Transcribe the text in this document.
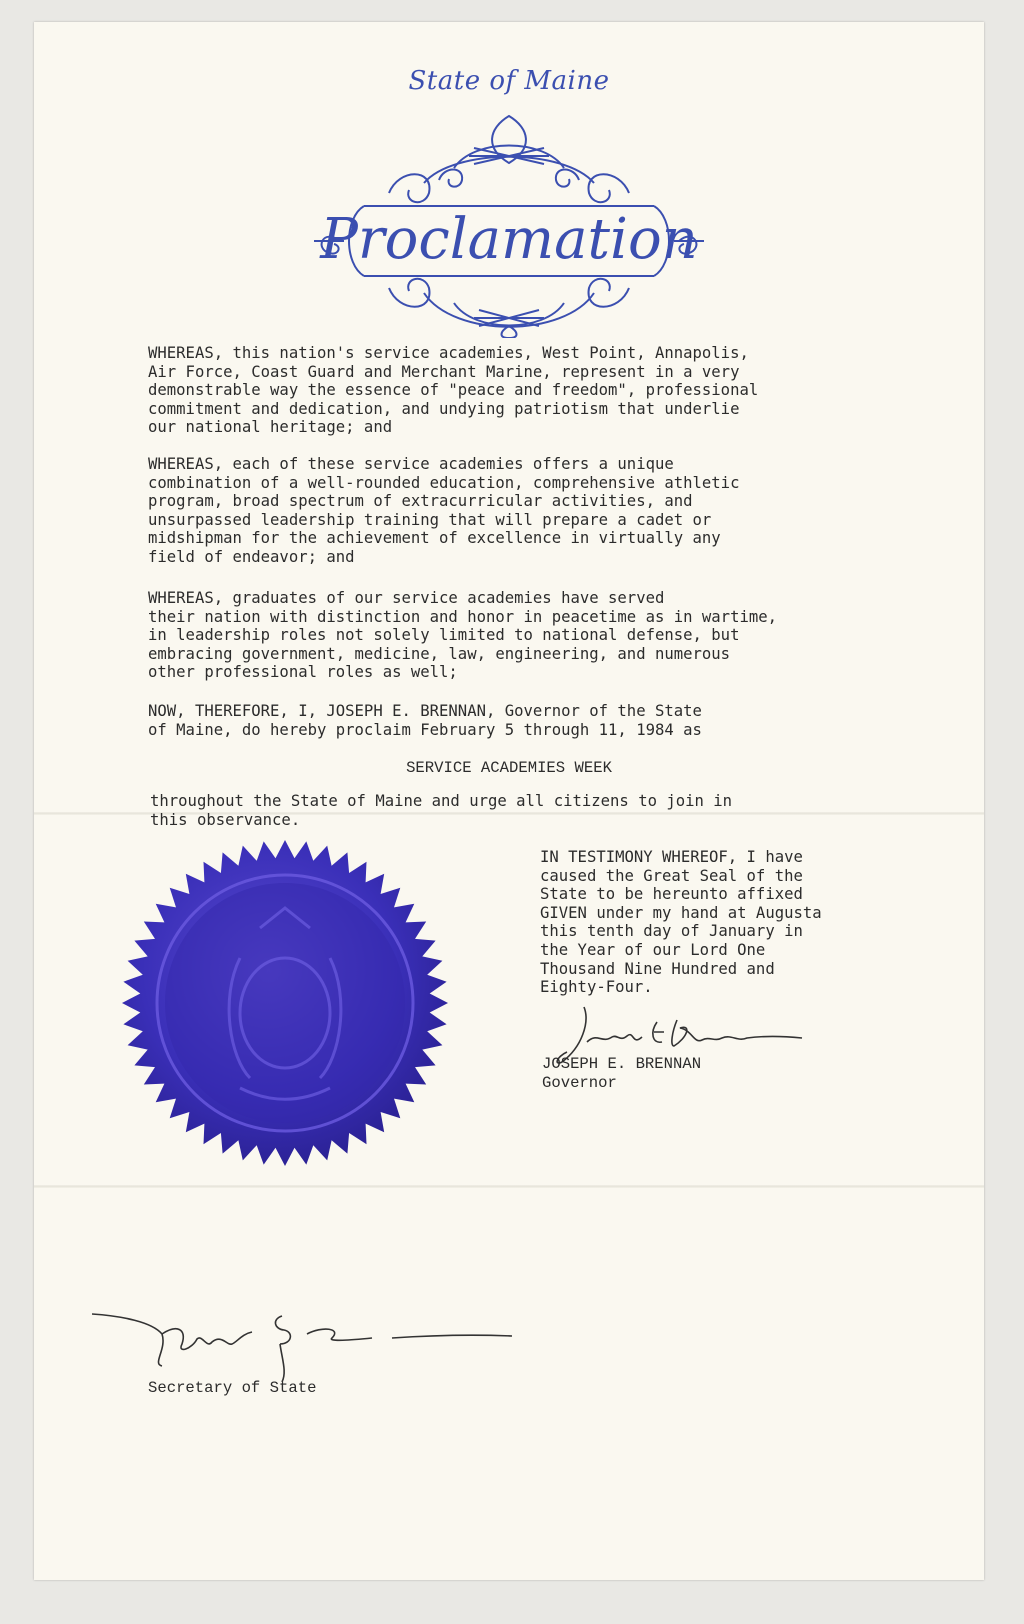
State of Maine
Proclamation
WHEREAS, this nation's service academies, West Point, Annapolis,
Air Force, Coast Guard and Merchant Marine, represent in a very
demonstrable way the essence of "peace and freedom", professional
commitment and dedication, and undying patriotism that underlie
our national heritage; and
WHEREAS, each of these service academies offers a unique
combination of a well-rounded education, comprehensive athletic
program, broad spectrum of extracurricular activities, and
unsurpassed leadership training that will prepare a cadet or
midshipman for the achievement of excellence in virtually any
field of endeavor; and
WHEREAS, graduates of our service academies have served
their nation with distinction and honor in peacetime as in wartime,
in leadership roles not solely limited to national defense, but
embracing government, medicine, law, engineering, and numerous
other professional roles as well;
NOW, THEREFORE, I, JOSEPH E. BRENNAN, Governor of the State
of Maine, do hereby proclaim February 5 through 11, 1984 as
SERVICE ACADEMIES WEEK
throughout the State of Maine and urge all citizens to join in
this observance.
IN TESTIMONY WHEREOF, I have
caused the Great Seal of the
State to be hereunto affixed
GIVEN under my hand at Augusta
this tenth day of January in
the Year of our Lord One
Thousand Nine Hundred and
Eighty-Four.
JOSEPH E. BRENNAN
Governor
Secretary of State
